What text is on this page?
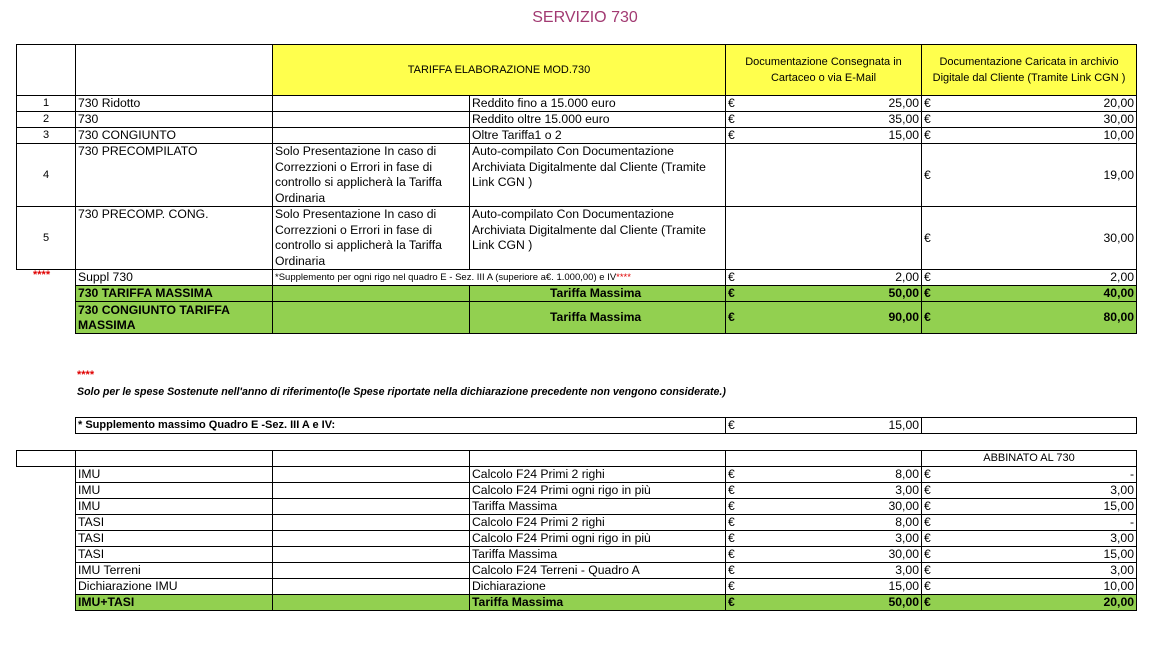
SERVIZIO 730
		TARIFFA ELABORAZIONE MOD.730		Documentazione Consegnata in Cartaceo o via E-Mail	Documentazione Caricata in archivio Digitale dal Cliente (Tramite Link CGN )
1	730 Ridotto		Reddito fino a 15.000 euro	€ 25,00	€ 20,00

2	730		Reddito oltre 15.000 euro	€ 35,00	€ 30,00

3	730 CONGIUNTO		Oltre Tariffa1 o 2	€ 15,00	€ 10,00

4	730 PRECOMPILATO	Solo Presentazione In caso di Correzzioni o Errori in fase di controllo si applicherà la Tariffa Ordinaria	Auto-compilato Con Documentazione Archiviata Digitalmente dal Cliente (Tramite Link CGN )		€ 19,00

5	730 PRECOMP. CONG.	Solo Presentazione In caso di Correzzioni o Errori in fase di controllo si applicherà la Tariffa Ordinaria	Auto-compilato Con Documentazione Archiviata Digitalmente dal Cliente (Tramite Link CGN )		€ 30,00

	Suppl 730	*Supplemento per ogni rigo nel quadro E - Sez. III A (superiore a€. 1.000,00) e IV****		€ 2,00	€ 2,00

	730 TARIFFA MASSIMA		Tariffa Massima	€ 50,00	€ 40,00

	730 CONGIUNTO TARIFFA MASSIMA		Tariffa Massima	€ 90,00	€ 80,00
****
****
Solo per le spese Sostenute nell'anno di riferimento(le Spese riportate nella dichiarazione precedente non vengono considerate.)
* Supplemento massimo Quadro E -Sez. III A e IV:	€	15,00

					ABBINATO AL 730
	IMU		Calcolo F24 Primi 2 righi	€ 8,00	€ -

	IMU		Calcolo F24 Primi ogni rigo in più	€ 3,00	€ 3,00

	IMU		Tariffa Massima	€ 30,00	€ 15,00

	TASI		Calcolo F24 Primi 2 righi	€ 8,00	€ -

	TASI		Calcolo F24 Primi ogni rigo in più	€ 3,00	€ 3,00

	TASI		Tariffa Massima	€ 30,00	€ 15,00

	IMU Terreni		Calcolo F24 Terreni - Quadro A	€ 3,00	€ 3,00

	Dichiarazione IMU		Dichiarazione	€ 15,00	€ 10,00

	IMU+TASI		Tariffa Massima	€ 50,00	€ 20,00
